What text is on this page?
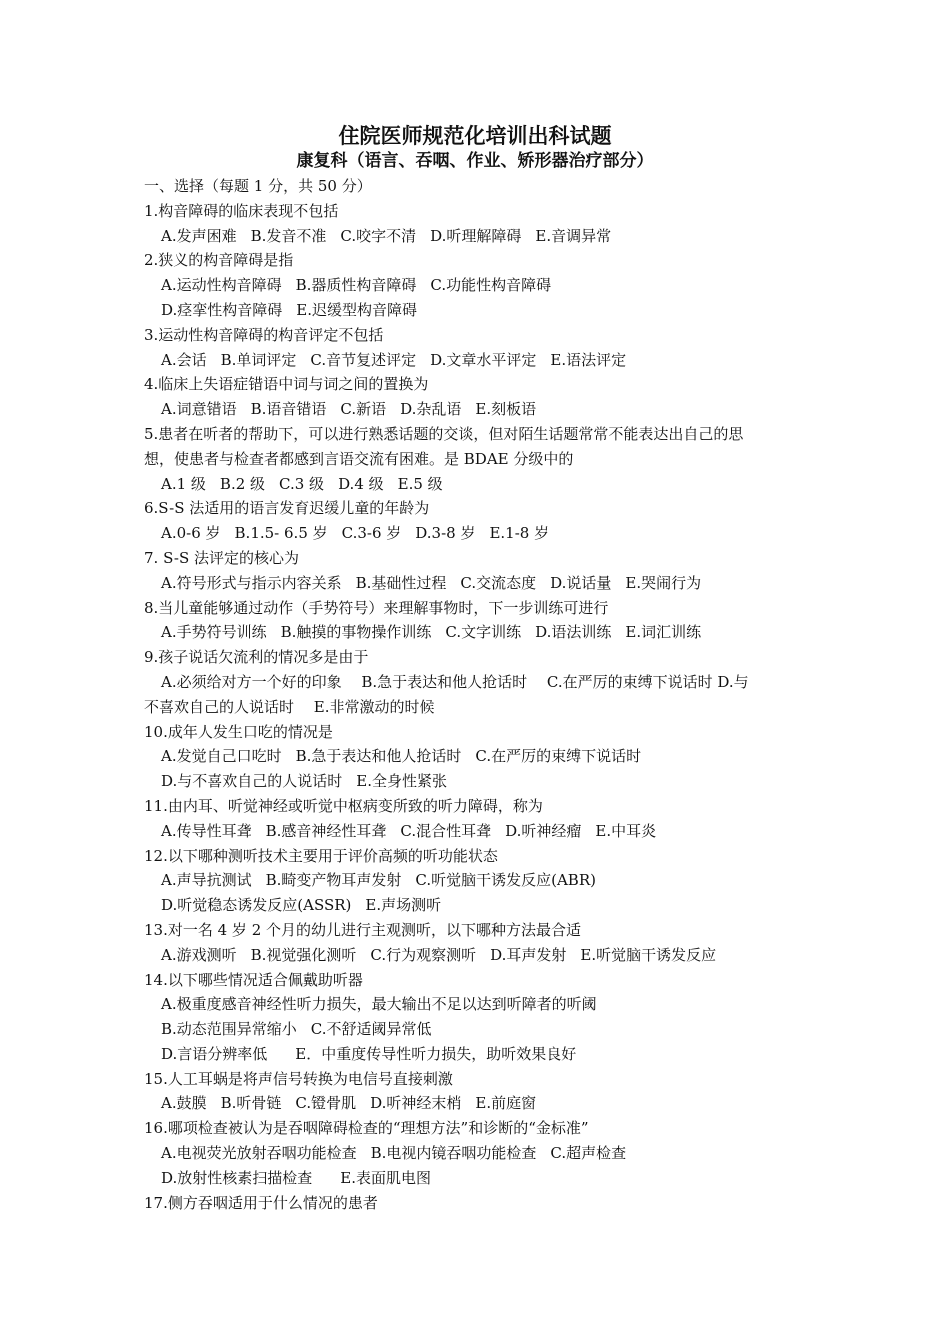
住院医师规范化培训出科试题
康复科（语言、吞咽、作业、矫形器治疗部分）
一、选择（每题 1 分，共 50 分）
1.构音障碍的临床表现不包括
A.发声困难 B.发音不准 C.咬字不清 D.听理解障碍 E.音调异常
2.狭义的构音障碍是指
A.运动性构音障碍 B.器质性构音障碍 C.功能性构音障碍
D.痉挛性构音障碍 E.迟缓型构音障碍
3.运动性构音障碍的构音评定不包括
A.会话 B.单词评定 C.音节复述评定 D.文章水平评定 E.语法评定
4.临床上失语症错语中词与词之间的置换为
A.词意错语 B.语音错语 C.新语 D.杂乱语 E.刻板语
5.患者在听者的帮助下，可以进行熟悉话题的交谈，但对陌生话题常常不能表达出自己的思
想，使患者与检查者都感到言语交流有困难。是 BDAE 分级中的
A.1 级 B.2 级 C.3 级 D.4 级 E.5 级
6.S-S 法适用的语言发育迟缓儿童的年龄为
A.0-6 岁 B.1.5- 6.5 岁 C.3-6 岁 D.3-8 岁 E.1-8 岁
7. S-S 法评定的核心为
A.符号形式与指示内容关系 B.基础性过程 C.交流态度 D.说话量 E.哭闹行为
8.当儿童能够通过动作（手势符号）来理解事物时，下一步训练可进行
A.手势符号训练 B.触摸的事物操作训练 C.文字训练 D.语法训练 E.词汇训练
9.孩子说话欠流利的情况多是由于
A.必须给对方一个好的印象　 B.急于表达和他人抢话时　 C.在严厉的束缚下说话时 D.与
不喜欢自己的人说话时　 E.非常激动的时候
10.成年人发生口吃的情况是
A.发觉自己口吃时 B.急于表达和他人抢话时 C.在严厉的束缚下说话时
D.与不喜欢自己的人说话时 E.全身性紧张
11.由内耳、听觉神经或听觉中枢病变所致的听力障碍，称为
A.传导性耳聋 B.感音神经性耳聋 C.混合性耳聋 D.听神经瘤 E.中耳炎
12.以下哪种测听技术主要用于评价高频的听功能状态
A.声导抗测试 B.畸变产物耳声发射 C.听觉脑干诱发反应(ABR)
D.听觉稳态诱发反应(ASSR) E.声场测听
13.对一名 4 岁 2 个月的幼儿进行主观测听，以下哪种方法最合适
A.游戏测听 B.视觉强化测听 C.行为观察测听 D.耳声发射 E.听觉脑干诱发反应
14.以下哪些情况适合佩戴助听器
A.极重度感音神经性听力损失，最大输出不足以达到听障者的听阈
B.动态范围异常缩小 C.不舒适阈异常低
D.言语分辨率低 E．中重度传导性听力损失，助听效果良好
15.人工耳蜗是将声信号转换为电信号直接刺激
A.鼓膜 B.听骨链 C.镫骨肌 D.听神经末梢 E.前庭窗
16.哪项检查被认为是吞咽障碍检查的“理想方法”和诊断的“金标准”
A.电视荧光放射吞咽功能检查 B.电视内镜吞咽功能检查 C.超声检查
D.放射性核素扫描检查 E.表面肌电图
17.侧方吞咽适用于什么情况的患者
